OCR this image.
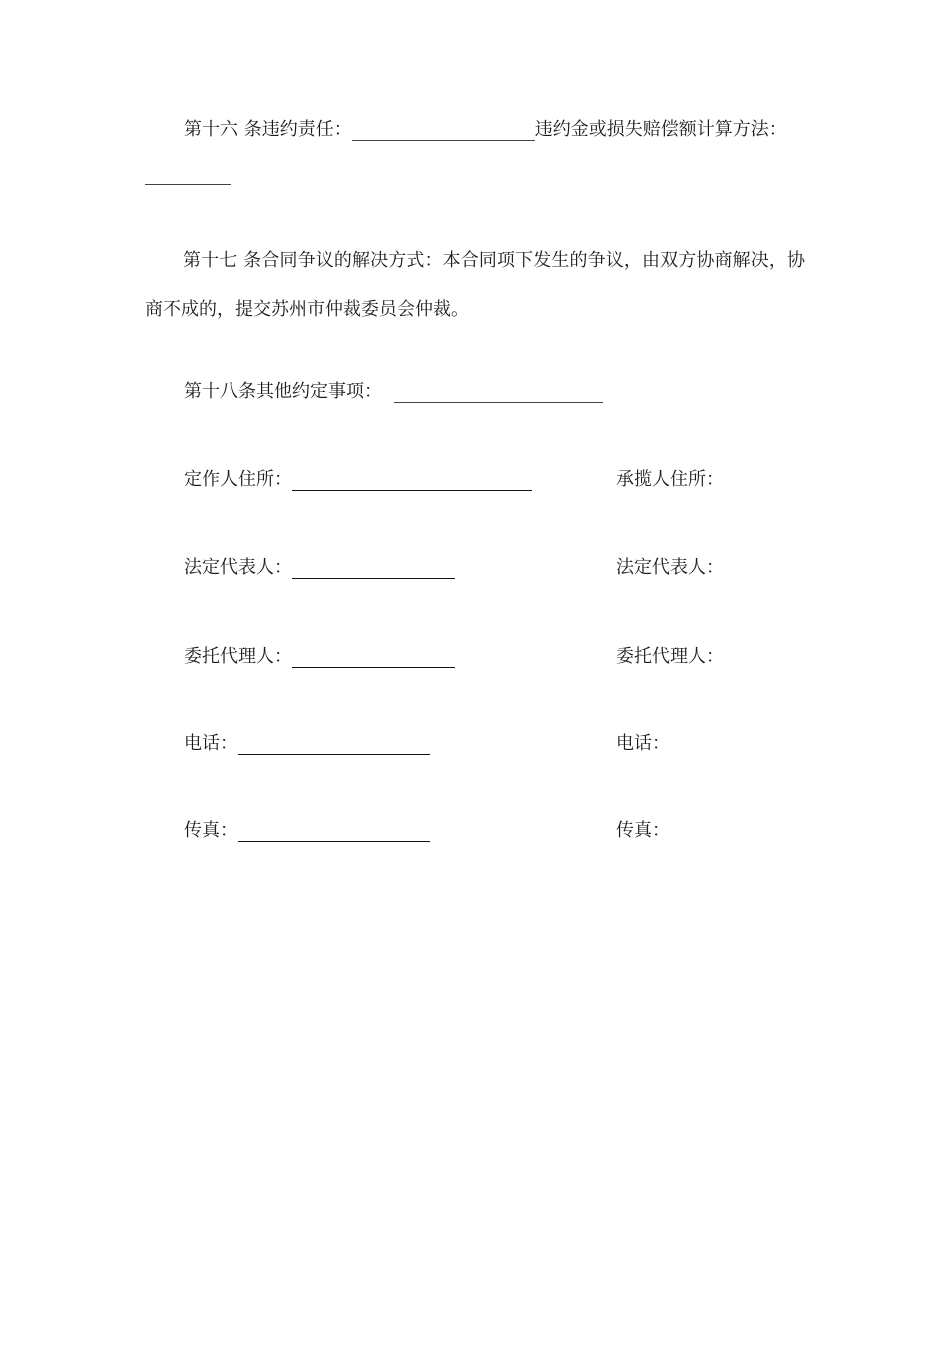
第十六 条违约责任：	违约金或损失赔偿额计算方法：
第十七 条合同争议的解决方式：本合同项下发生的争议，由双方协商解决，协商不成的，提交苏州市仲裁委员会仲裁。
第十八条其他约定事项：
定作人住所：
法定代表人：
委托代理人：
电话：
传真：
承揽人住所：
法定代表人：
委托代理人：
电话：
传真：
